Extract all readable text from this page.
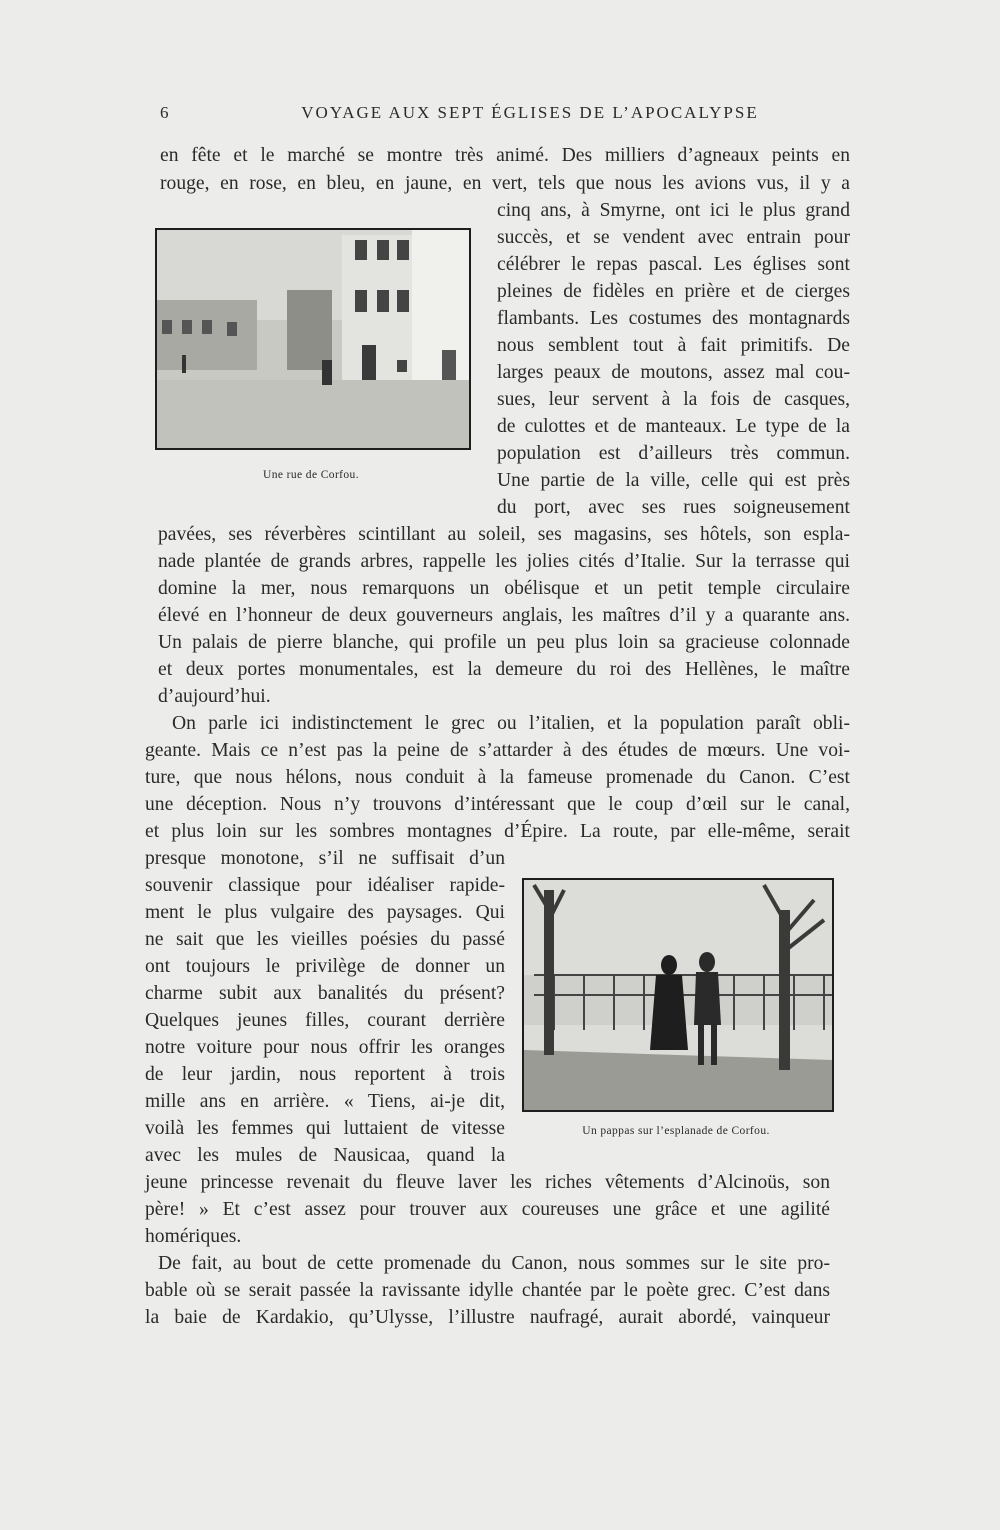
6	VOYAGE AUX SEPT ÉGLISES DE L’APOCALYPSE
Une rue de Corfou.
Un pappas sur l’esplanade de Corfou.

en fête et le marché se montre très animé. Des milliers d’agneaux peints en

rouge, en rose, en bleu, en jaune, en vert, tels que nous les avions vus, il y a

cinq ans, à Smyrne, ont ici le plus grand

succès, et se vendent avec entrain pour

célébrer le repas pascal. Les églises sont

pleines de fidèles en prière et de cierges

flambants. Les costumes des montagnards

nous semblent tout à fait primitifs. De

larges peaux de moutons, assez mal cou-

sues, leur servent à la fois de casques,

de culottes et de manteaux. Le type de la

population est d’ailleurs très commun.

Une partie de la ville, celle qui est près

du port, avec ses rues soigneusement

pavées, ses réverbères scintillant au soleil, ses magasins, ses hôtels, son espla-

nade plantée de grands arbres, rappelle les jolies cités d’Italie. Sur la terrasse qui

domine la mer, nous remarquons un obélisque et un petit temple circulaire

élevé en l’honneur de deux gouverneurs anglais, les maîtres d’il y a quarante ans.

Un palais de pierre blanche, qui profile un peu plus loin sa gracieuse colonnade

et deux portes monumentales, est la demeure du roi des Hellènes, le maître

d’aujourd’hui.

On parle ici indistinctement le grec ou l’italien, et la population paraît obli-

geante. Mais ce n’est pas la peine de s’attarder à des études de mœurs. Une voi-

ture, que nous hélons, nous conduit à la fameuse promenade du Canon. C’est

une déception. Nous n’y trouvons d’intéressant que le coup d’œil sur le canal,

et plus loin sur les sombres montagnes d’Épire. La route, par elle-même, serait

presque monotone, s’il ne suffisait d’un

souvenir classique pour idéaliser rapide-

ment le plus vulgaire des paysages. Qui

ne sait que les vieilles poésies du passé

ont toujours le privilège de donner un

charme subit aux banalités du présent?

Quelques jeunes filles, courant derrière

notre voiture pour nous offrir les oranges

de leur jardin, nous reportent à trois

mille ans en arrière. « Tiens, ai-je dit,

voilà les femmes qui luttaient de vitesse

avec les mules de Nausicaa, quand la

jeune princesse revenait du fleuve laver les riches vêtements d’Alcinoüs, son

père! » Et c’est assez pour trouver aux coureuses une grâce et une agilité

homériques.

De fait, au bout de cette promenade du Canon, nous sommes sur le site pro-

bable où se serait passée la ravissante idylle chantée par le poète grec. C’est dans

la baie de Kardakio, qu’Ulysse, l’illustre naufragé, aurait abordé, vainqueur
